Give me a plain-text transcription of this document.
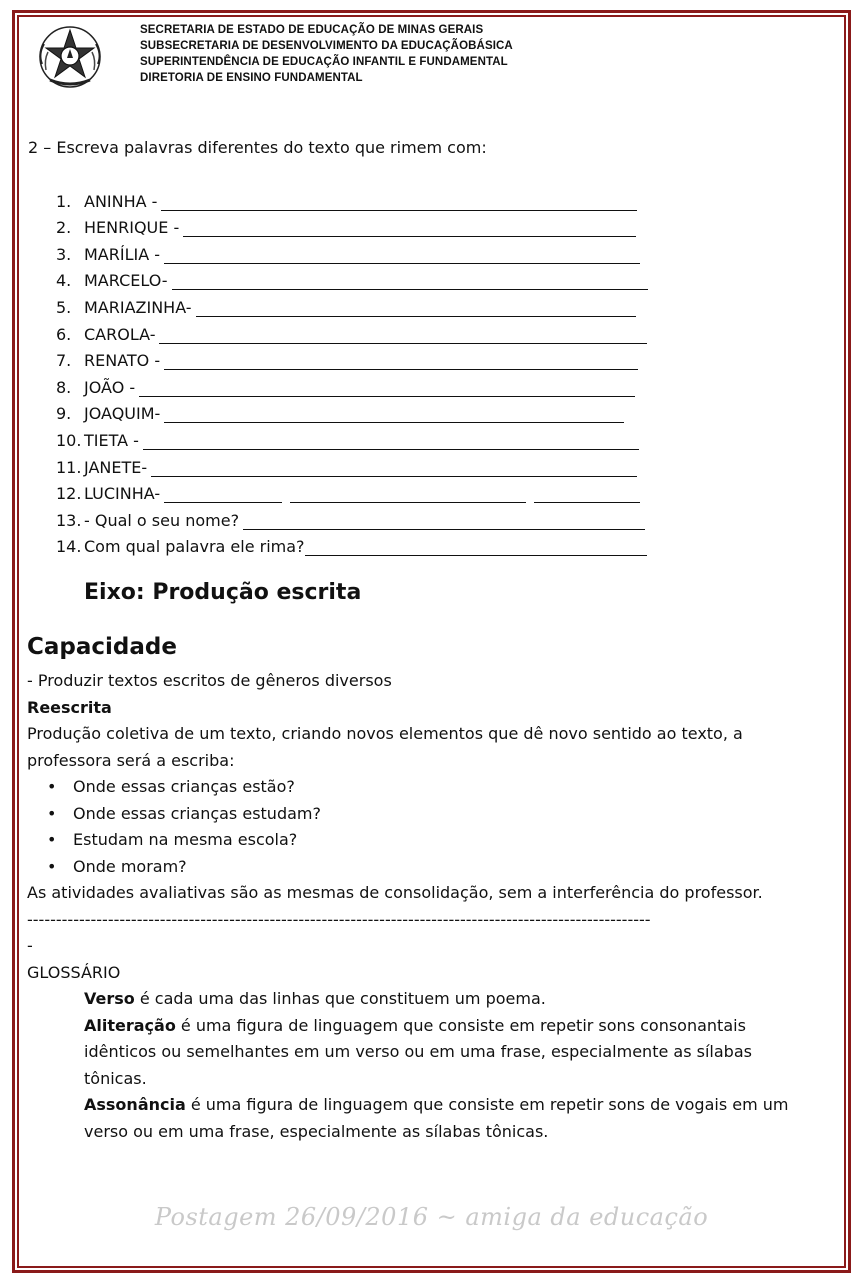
SECRETARIA DE ESTADO DE EDUCAÇÃO DE MINAS GERAIS
SUBSECRETARIA DE DESENVOLVIMENTO DA EDUCAÇÃOBÁSICA
SUPERINTENDÊNCIA DE EDUCAÇÃO INFANTIL E FUNDAMENTAL
DIRETORIA DE ENSINO FUNDAMENTAL
2 – Escreva palavras diferentes do texto que rimem com:
1. ANINHA -
2. HENRIQUE -
3. MARÍLIA -
4. MARCELO-
5. MARIAZINHA-
6. CAROLA-
7. RENATO -
8. JOÃO -
9. JOAQUIM-
10. TIETA -
11. JANETE-
12. LUCINHA-
13. - Qual o seu nome?
14. Com qual palavra ele rima?
Eixo: Produção escrita
Capacidade

- Produzir textos escritos de gêneros diversos

Reescrita

Produção coletiva de um texto, criando novos elementos que dê novo sentido ao texto, a professora será a escriba:

• Onde essas crianças estão?
• Onde essas crianças estudam?
• Estudam na mesma escola?
• Onde moram?

As atividades avaliativas são as mesmas de consolidação, sem a interferência do professor.

------------------------------------------------------------------------------------------------------------
-
GLOSSÁRIO

Verso é cada uma das linhas que constituem um poema.

Aliteração é uma figura de linguagem que consiste em repetir sons consonantais idênticos ou semelhantes em um verso ou em uma frase, especialmente as sílabas tônicas.

Assonância é uma figura de linguagem que consiste em repetir sons de vogais em um verso ou em uma frase, especialmente as sílabas tônicas.

Postagem 26/09/2016 ~ amiga da educação
